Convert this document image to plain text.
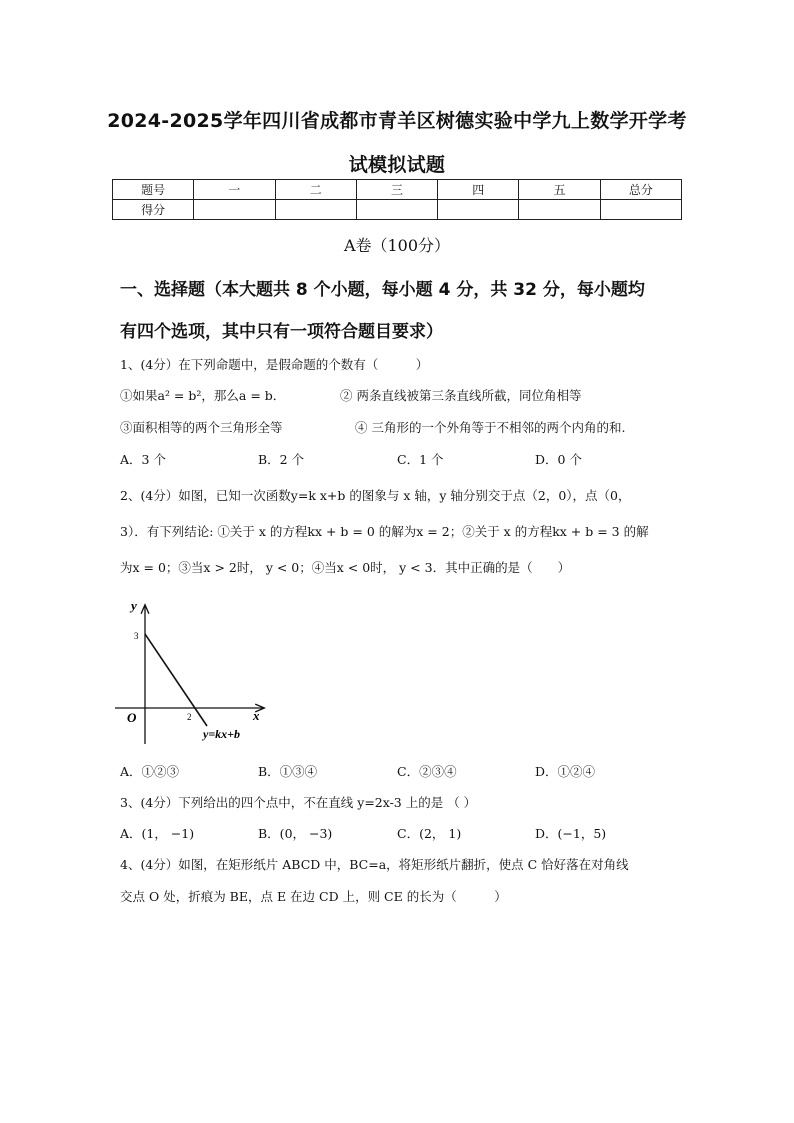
2024-2025学年四川省成都市青羊区树德实验中学九上数学开学考
试模拟试题
题号	一	二	三	四	五	总分
得分						
A卷（100分）
一、选择题（本大题共 8 个小题，每小题 4 分，共 32 分，每小题均
有四个选项，其中只有一项符合题目要求）
1、(4分）在下列命题中，是假命题的个数有（　　　）
①如果a² = b²，那么a = b．	② 两条直线被第三条直线所截，同位角相等
③面积相等的两个三角形全等	④ 三角形的一个外角等于不相邻的两个内角的和.
A．3 个	B．2 个	C．1 个	D．0 个
2、(4分）如图，已知一次函数y=k x+b 的图象与 x 轴，y 轴分别交于点（2，0），点（0，
3）．有下列结论: ①关于 x 的方程kx + b = 0 的解为x = 2；②关于 x 的方程kx + b = 3 的解
为x = 0；③当x > 2时， y < 0；④当x < 0时， y < 3．其中正确的是（　　）
y
x
O
3
2
y=kx+b
A．①②③	B．①③④	C．②③④	D．①②④
3、(4分）下列给出的四个点中，不在直线 y=2x-3 上的是 （ ）
A．(1， −1)	B．(0， −3)	C．(2， 1)	D．(−1，5)
4、(4分）如图，在矩形纸片 ABCD 中，BC=a，将矩形纸片翻折，使点 C 恰好落在对角线
交点 O 处，折痕为 BE，点 E 在边 CD 上，则 CE 的长为（　　　）
